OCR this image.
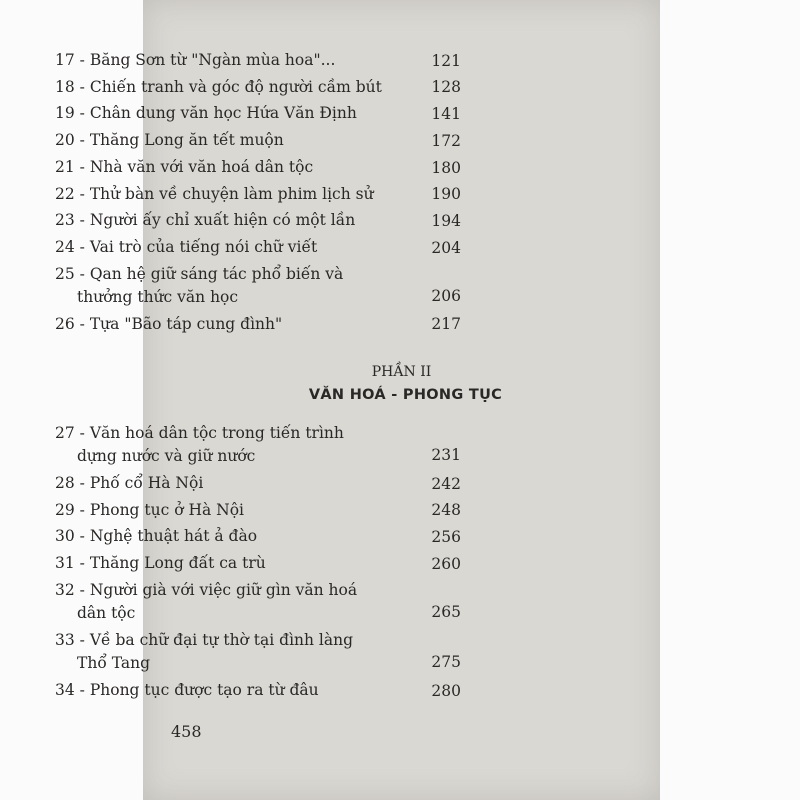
17 - Băng Sơn từ "Ngàn mùa hoa"...	121
18 - Chiến tranh và góc độ người cầm bút	128
19 - Chân dung văn học Hứa Văn Định	141
20 - Thăng Long ăn tết muộn	172
21 - Nhà văn với văn hoá dân tộc	180
22 - Thử bàn về chuyện làm phim lịch sử	190
23 - Người ấy chỉ xuất hiện có một lần	194
24 - Vai trò của tiếng nói chữ viết	204
25 - Qan hệ giữ sáng tác phổ biến và
thưởng thức văn học	206
26 - Tựa "Bão táp cung đình"	217
PHẦN II
VĂN HOÁ - PHONG TỤC
27 - Văn hoá dân tộc trong tiến trình
dựng nước và giữ nước	231
28 - Phố cổ Hà Nội	242
29 - Phong tục ở Hà Nội	248
30 - Nghệ thuật hát ả đào	256
31 - Thăng Long đất ca trù	260
32 - Người già với việc giữ gìn văn hoá
dân tộc	265
33 - Về ba chữ đại tự thờ tại đình làng
Thổ Tang	275
34 - Phong tục được tạo ra từ đâu	280
458
